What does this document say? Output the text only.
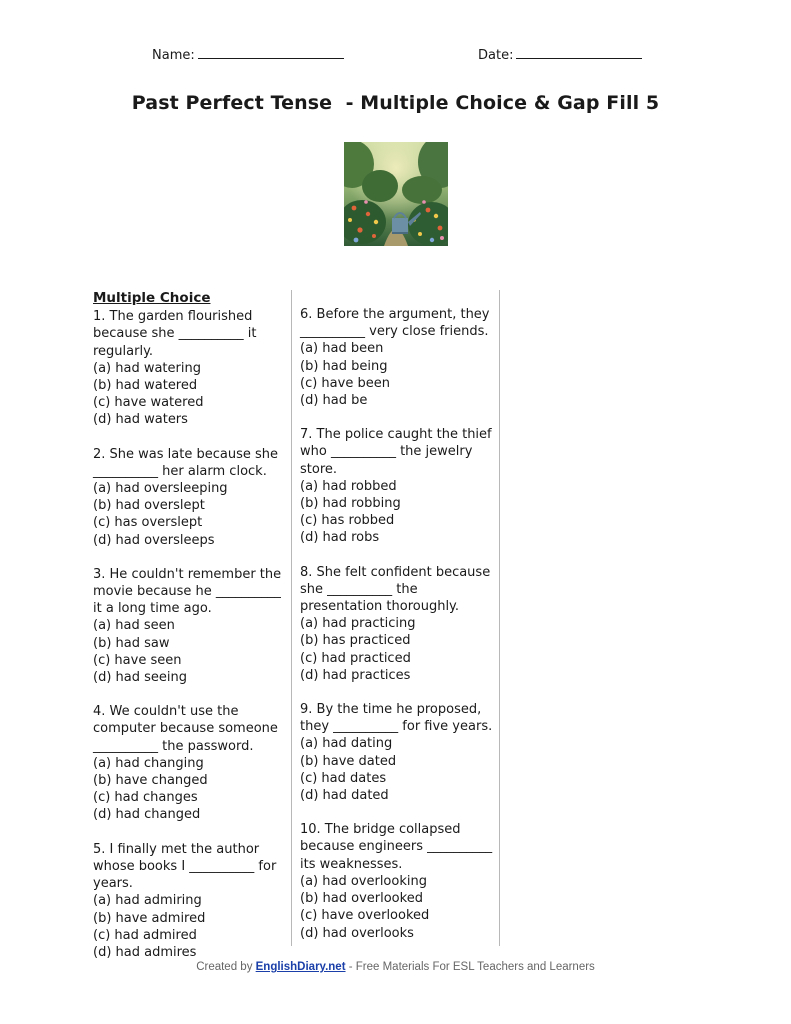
Name:	Date:
Past Perfect Tense  - Multiple Choice & Gap Fill 5
Multiple Choice
1. The garden flourished because she __________ it regularly.
(a) had watering
(b) had watered
(c) have watered
(d) had waters
2. She was late because she __________ her alarm clock.
(a) had oversleeping
(b) had overslept
(c) has overslept
(d) had oversleeps
3. He couldn't remember the movie because he __________ it a long time ago.
(a) had seen
(b) had saw
(c) have seen
(d) had seeing
4. We couldn't use the computer because someone __________ the password.
(a) had changing
(b) have changed
(c) had changes
(d) had changed
5. I finally met the author whose books I __________ for years.
(a) had admiring
(b) have admired
(c) had admired
(d) had admires
6. Before the argument, they __________ very close friends.
(a) had been
(b) had being
(c) have been
(d) had be
7. The police caught the thief who __________ the jewelry store.
(a) had robbed
(b) had robbing
(c) has robbed
(d) had robs
8. She felt confident because she __________ the presentation thoroughly.
(a) had practicing
(b) has practiced
(c) had practiced
(d) had practices
9. By the time he proposed, they __________ for five years.
(a) had dating
(b) have dated
(c) had dates
(d) had dated
10. The bridge collapsed because engineers __________ its weaknesses.
(a) had overlooking
(b) had overlooked
(c) have overlooked
(d) had overlooks
Created by EnglishDiary.net - Free Materials For ESL Teachers and Learners
